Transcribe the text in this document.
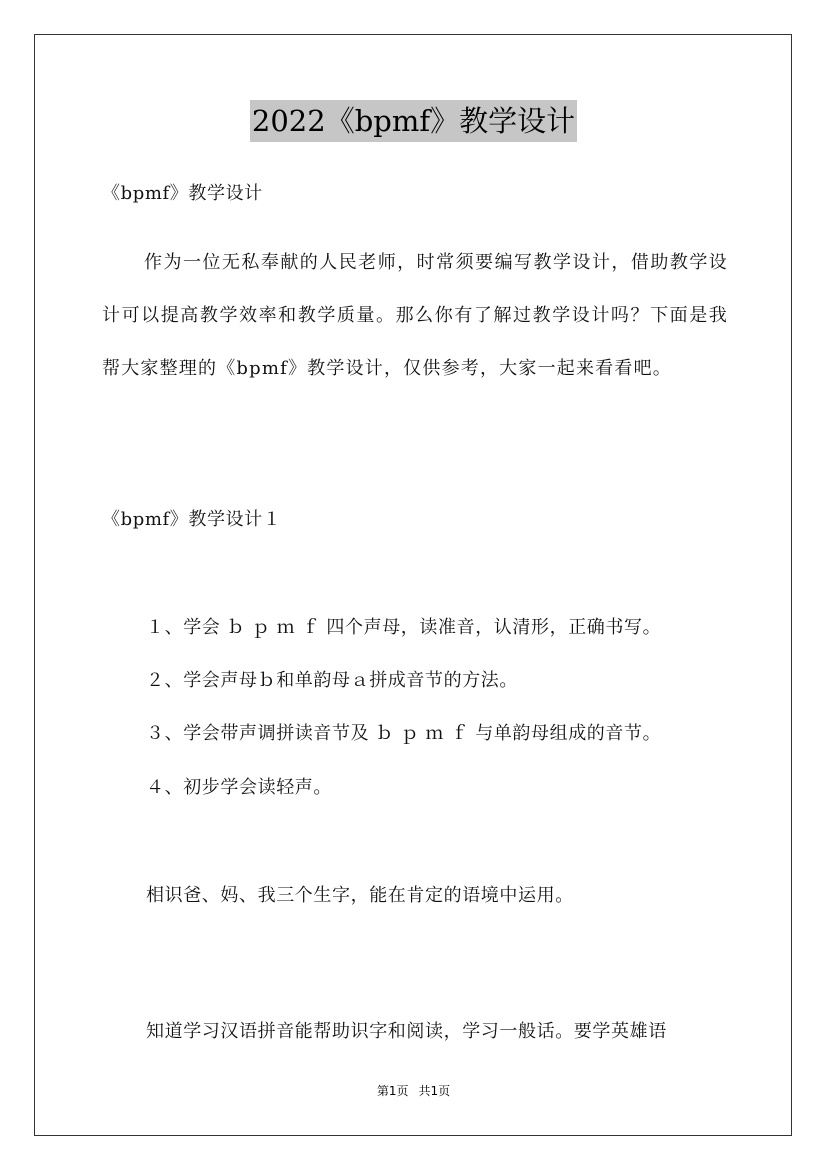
2022《bpmf》教学设计
《bpmf》教学设计
作为一位无私奉献的人民老师，时常须要编写教学设计，借助教学设计可以提高教学效率和教学质量。那么你有了解过教学设计吗？下面是我帮大家整理的《bpmf》教学设计，仅供参考，大家一起来看看吧。
《bpmf》教学设计１
１、学会 ｂ ｐ ｍ ｆ 四个声母，读准音，认清形，正确书写。
２、学会声母ｂ和单韵母ａ拼成音节的方法。
３、学会带声调拼读音节及 ｂ ｐ ｍ ｆ 与单韵母组成的音节。
４、初步学会读轻声。
相识爸、妈、我三个生字，能在肯定的语境中运用。
知道学习汉语拼音能帮助识字和阅读，学习一般话。要学英雄语
第1页 共1页
